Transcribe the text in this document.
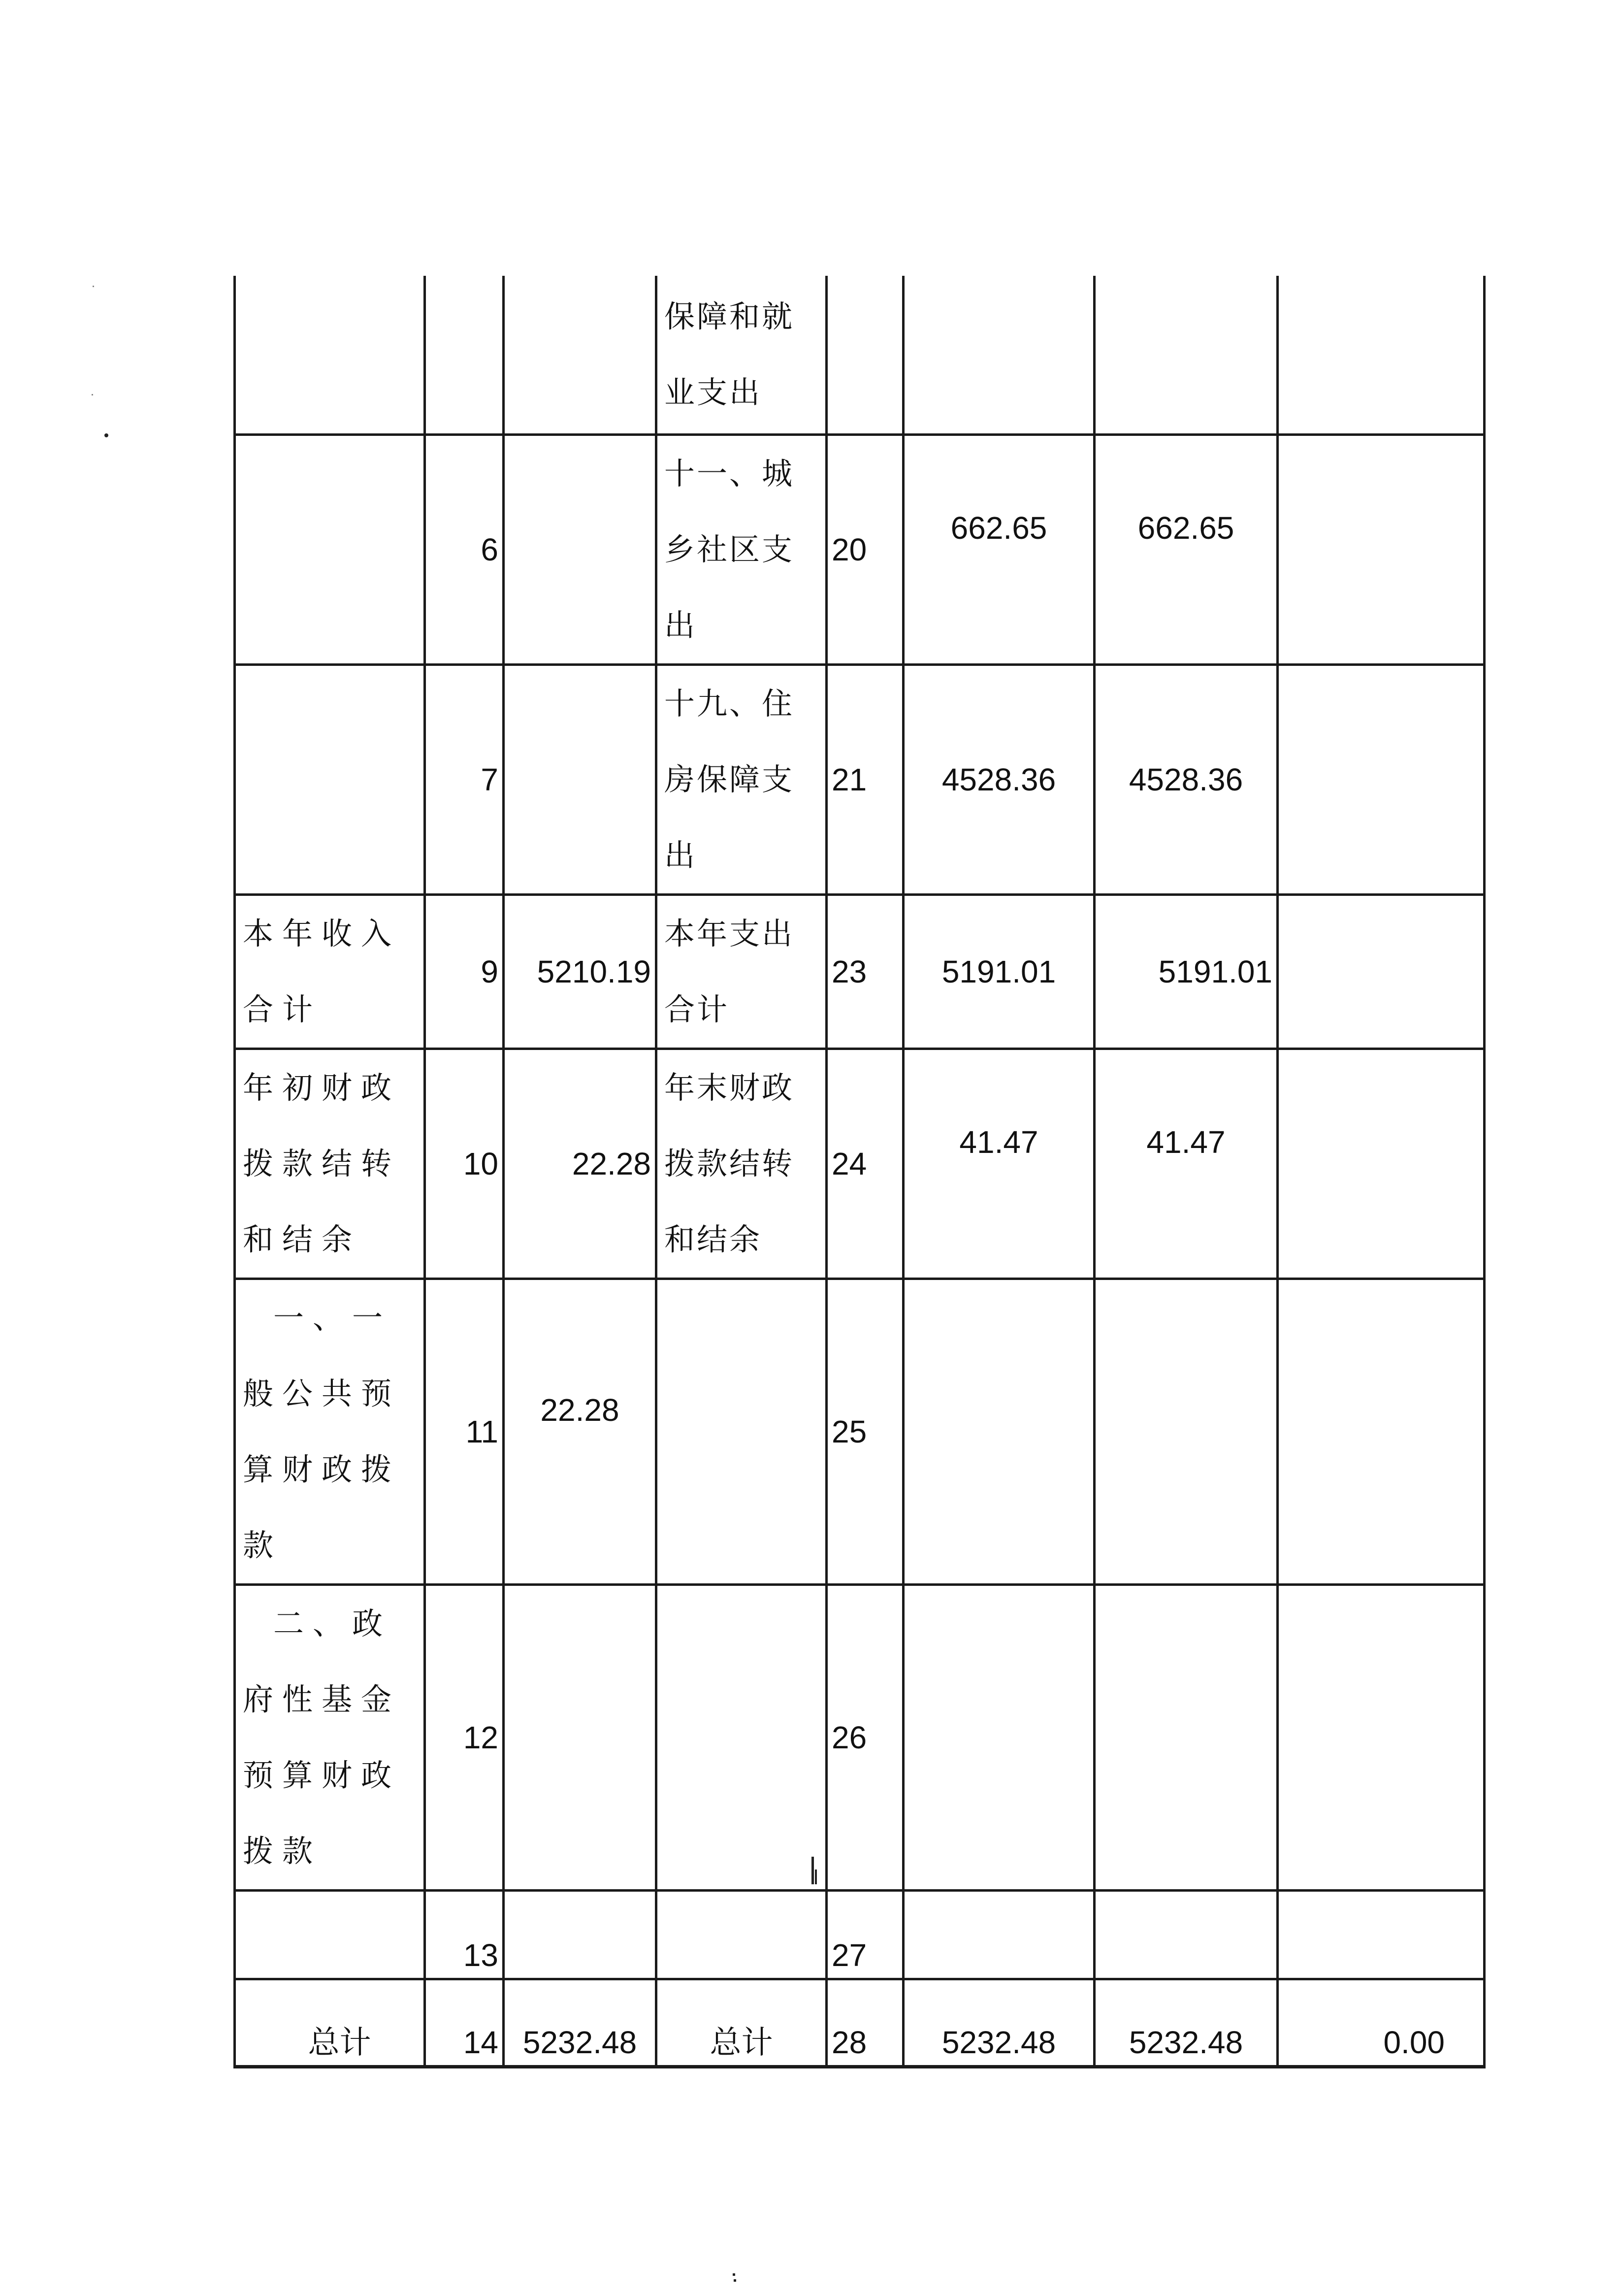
			保障和就业支出				

	6		十一、城乡社区支出	20	662.65	662.65	

	7		十九、住房保障支出	21	4528.36	4528.36	

本年收入合计	9	5210.19	本年支出合计	23	5191.01	5191.01	

年初财政拨款结转和结余	10	22.28	年末财政拨款结转和结余	24	41.47	41.47	

一、一般公共预算财政拨款	11	22.28		25			

二、政府性基金预算财政拨款	12			26			

	13			27			
总计	14	5232.48	总计	28	5232.48	5232.48	0.00
